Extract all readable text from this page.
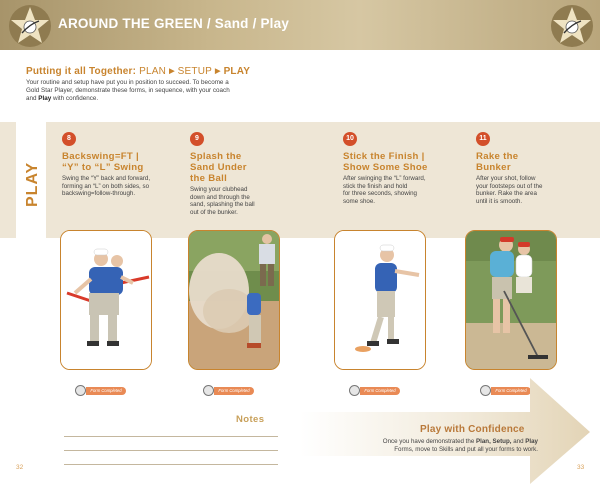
AROUND THE GREEN / Sand / Play
Putting it all Together: PLAN ▶ SETUP ▶ PLAY
Your routine and setup have put you in position to succeed. To become a
Gold Star Player, demonstrate these forms, in sequence, with your coach
and Play with confidence.
PLAY
8
Backswing=FT |
“Y” to “L” Swing
Swing the “Y” back and forward,
forming an “L” on both sides, so
backswing=follow-through.
9
Splash the
Sand Under
the Ball
Swing your clubhead
down and through the
sand, splashing the ball
out of the bunker.
10
Stick the Finish |
Show Some Shoe
After swinging the “L” forward,
stick the finish and hold
for three seconds, showing
some shoe.
11
Rake the
Bunker
After your shot, follow
your footsteps out of the
bunker. Rake the area
until it is smooth.
Form Completed	Form Completed	Form Completed	Form Completed
Notes
Play with Confidence
Once you have demonstrated the Plan, Setup, and Play
Forms, move to Skills and put all your forms to work.
32	33
